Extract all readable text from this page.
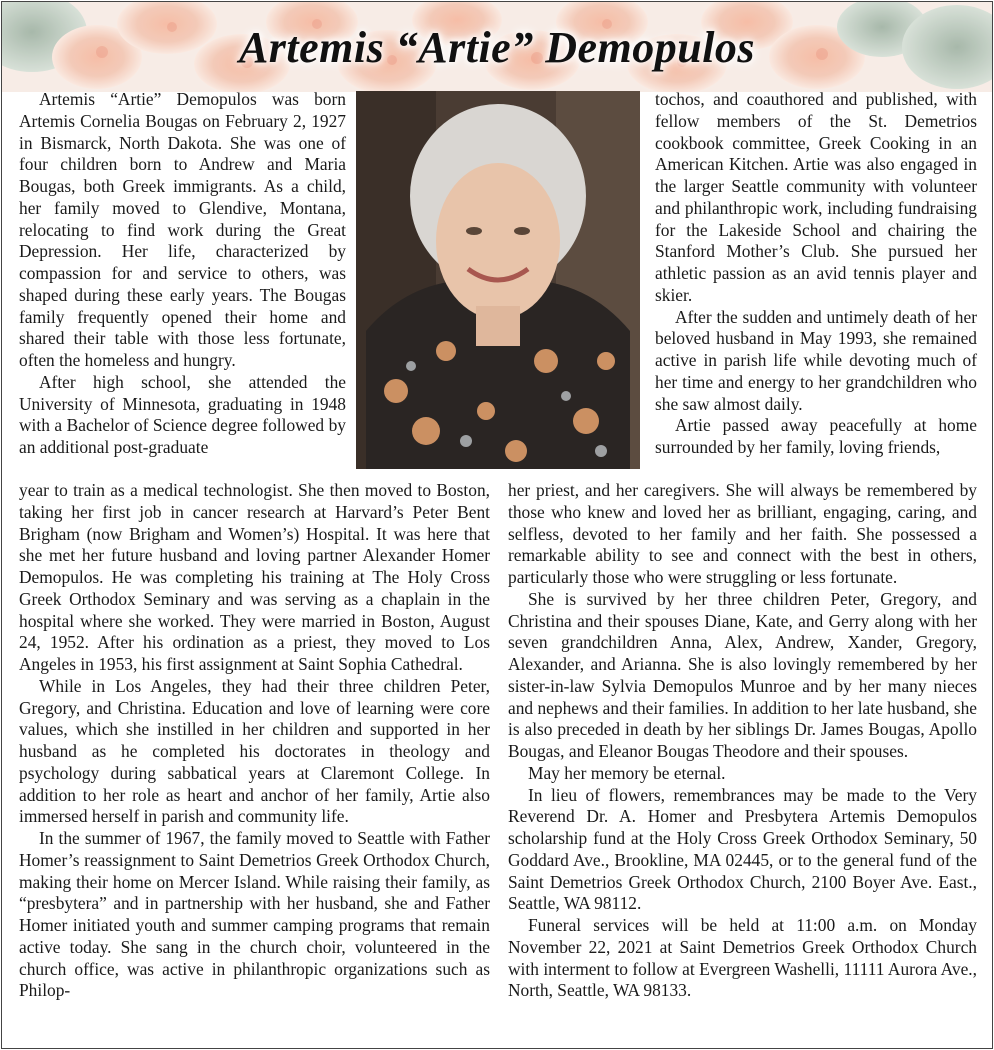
Artemis “Artie” Demopulos

Artemis “Artie” Demopulos was born Artemis Cornelia Bougas on February 2, 1927 in Bismarck, North Dakota. She was one of four children born to Andrew and Maria Bougas, both Greek immigrants. As a child, her family moved to Glendive, Montana, relocating to find work during the Great Depression. Her life, characterized by compassion for and service to others, was shaped during these early years. The Bougas family frequently opened their home and shared their table with those less fortunate, often the homeless and hungry.

After high school, she attended the University of Minnesota, graduating in 1948 with a Bachelor of Science degree followed by an additional post-graduate

year to train as a medical technologist. She then moved to Boston, taking her first job in cancer research at Harvard’s Peter Bent Brigham (now Brigham and Women’s) Hospital. It was here that she met her future husband and loving partner Alexander Homer Demopulos. He was completing his training at The Holy Cross Greek Orthodox Seminary and was serving as a chaplain in the hospital where she worked. They were married in Boston, August 24, 1952. After his ordination as a priest, they moved to Los Angeles in 1953, his first assignment at Saint Sophia Cathedral.

While in Los Angeles, they had their three children Peter, Gregory, and Christina. Education and love of learning were core values, which she instilled in her children and supported in her husband as he completed his doctorates in theology and psychology during sabbatical years at Claremont College. In addition to her role as heart and anchor of her family, Artie also immersed herself in parish and community life.

In the summer of 1967, the family moved to Seattle with Father Homer’s reassignment to Saint Demetrios Greek Orthodox Church, making their home on Mercer Island. While raising their family, as “presbytera” and in partnership with her husband, she and Father Homer initiated youth and summer camping programs that remain active today. She sang in the church choir, volunteered in the church office, was active in philanthropic organizations such as Philop-

tochos, and coauthored and published, with fellow members of the St. Demetrios cookbook committee, Greek Cooking in an American Kitchen. Artie was also engaged in the larger Seattle community with volunteer and philanthropic work, including fundraising for the Lakeside School and chairing the Stanford Mother’s Club. She pursued her athletic passion as an avid tennis player and skier.

After the sudden and untimely death of her beloved husband in May 1993, she remained active in parish life while devoting much of her time and energy to her grandchildren who she saw almost daily.

Artie passed away peacefully at home surrounded by her family, loving friends,

her priest, and her caregivers. She will always be remembered by those who knew and loved her as brilliant, engaging, caring, and selfless, devoted to her family and her faith. She possessed a remarkable ability to see and connect with the best in others, particularly those who were struggling or less fortunate.

She is survived by her three children Peter, Gregory, and Christina and their spouses Diane, Kate, and Gerry along with her seven grandchildren Anna, Alex, Andrew, Xander, Gregory, Alexander, and Arianna. She is also lovingly remembered by her sister-in-law Sylvia Demopulos Munroe and by her many nieces and nephews and their families. In addition to her late husband, she is also preceded in death by her siblings Dr. James Bougas, Apollo Bougas, and Eleanor Bougas Theodore and their spouses.

May her memory be eternal.

In lieu of flowers, remembrances may be made to the Very Reverend Dr. A. Homer and Presbytera Artemis Demopulos scholarship fund at the Holy Cross Greek Orthodox Seminary, 50 Goddard Ave., Brookline, MA 02445, or to the general fund of the Saint Demetrios Greek Orthodox Church, 2100 Boyer Ave. East., Seattle, WA 98112.

Funeral services will be held at 11:00 a.m. on Monday November 22, 2021 at Saint Demetrios Greek Orthodox Church with interment to follow at Evergreen Washelli, 11111 Aurora Ave., North, Seattle, WA 98133.
